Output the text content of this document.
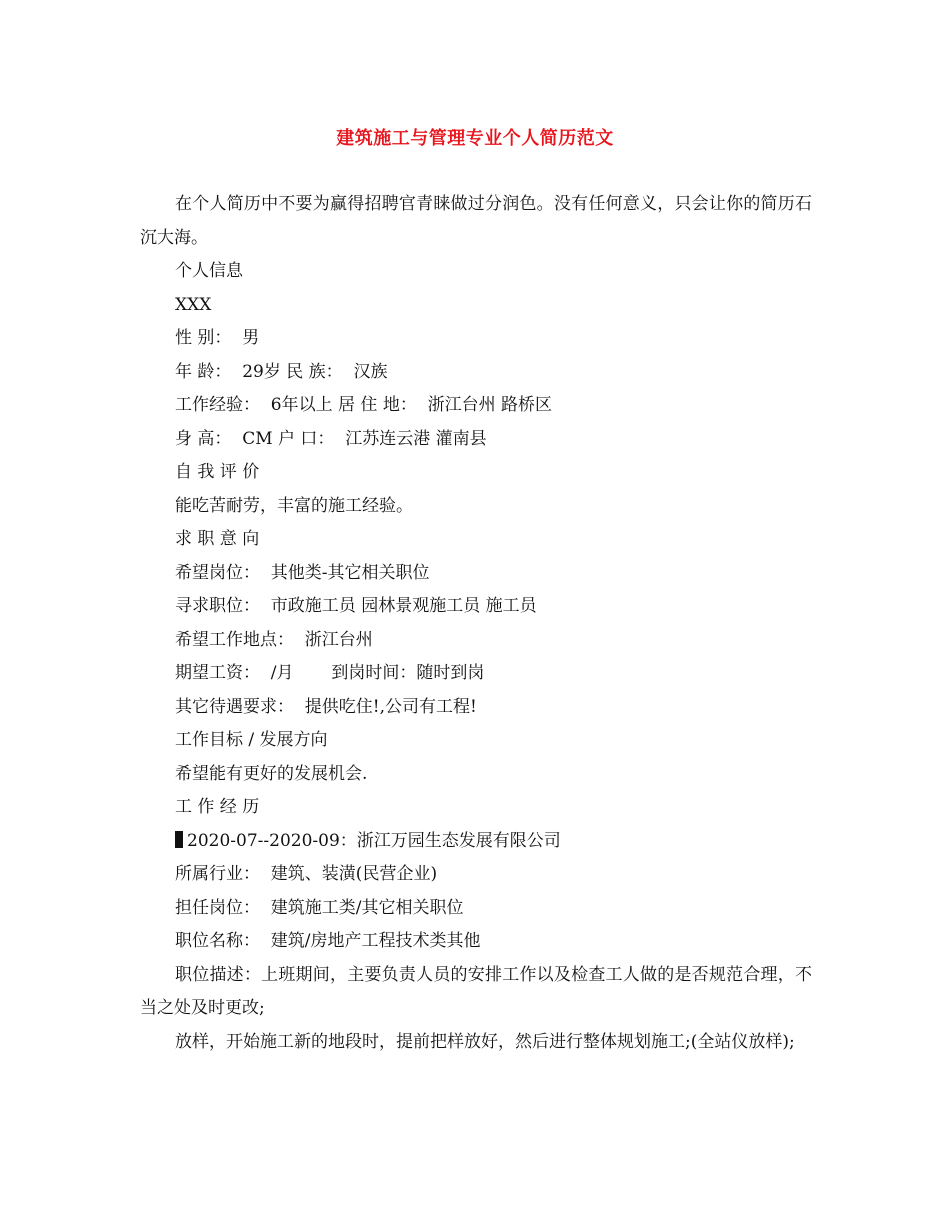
建筑施工与管理专业个人简历范文

在个人简历中不要为赢得招聘官青睐做过分润色。没有任何意义，只会让你的简历石沉大海。

个人信息

XXX

性 别：  男

年 龄：  29岁 民 族：  汉族

工作经验：  6年以上 居 住 地：  浙江台州 路桥区

身 高：  CM 户 口：  江苏连云港 灌南县

自 我 评 价

能吃苦耐劳，丰富的施工经验。

求 职 意 向

希望岗位：  其他类-其它相关职位

寻求职位：  市政施工员 园林景观施工员 施工员

希望工作地点：  浙江台州

期望工资：  /月       到岗时间：随时到岗

其它待遇要求：  提供吃住!,公司有工程!

工作目标 / 发展方向

希望能有更好的发展机会.

工 作 经 历

2020-07--2020-09：浙江万园生态发展有限公司

所属行业：  建筑、装潢(民营企业)

担任岗位：  建筑施工类/其它相关职位

职位名称：  建筑/房地产工程技术类其他

职位描述：上班期间，主要负责人员的安排工作以及检查工人做的是否规范合理，不当之处及时更改;

放样，开始施工新的地段时，提前把样放好，然后进行整体规划施工;(全站仪放样);
